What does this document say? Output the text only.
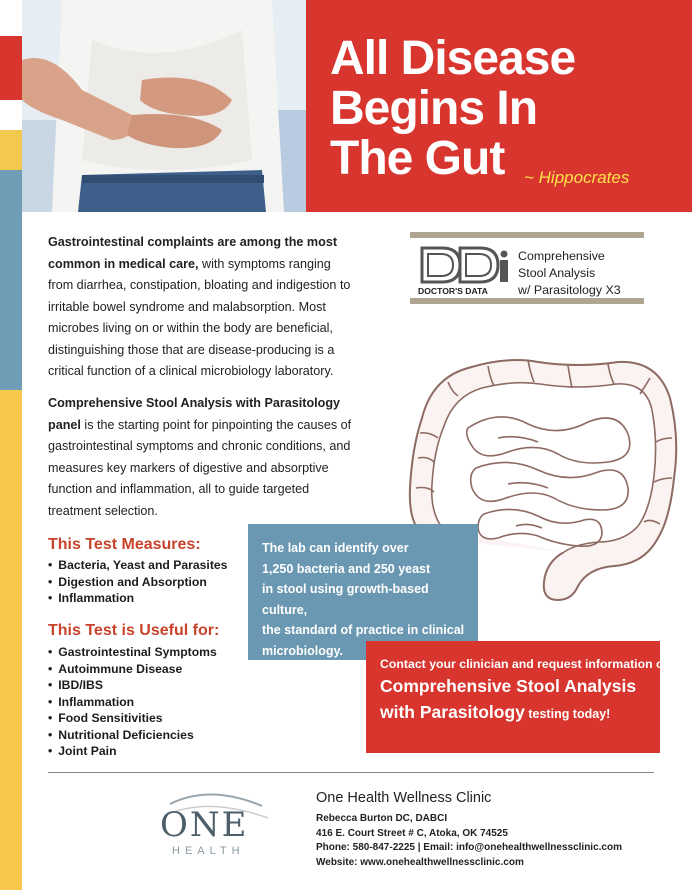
All Disease
Begins In
The Gut	~ Hippocrates

Gastrointestinal complaints are among the most common in medical care, with symptoms ranging from diarrhea, constipation, bloating and indigestion to irritable bowel syndrome and malabsorption. Most microbes living on or within the body are beneficial, distinguishing those that are disease-producing is a critical function of a clinical microbiology laboratory.

Comprehensive Stool Analysis with Parasitology panel is the starting point for pinpointing the causes of gastrointestinal symptoms and chronic conditions, and measures key markers of digestive and absorptive function and inflammation, all to guide targeted treatment selection.

DOCTOR'S DATA
Comprehensive
Stool Analysis
w/ Parasitology X3
This Test Measures:
• Bacteria, Yeast and Parasites
• Digestion and Absorption
• Inflammation
This Test is Useful for:
• Gastrointestinal Symptoms
• Autoimmune Disease
• IBD/IBS
• Inflammation
• Food Sensitivities
• Nutritional Deficiencies
• Joint Pain

The lab can identify over

1,250 bacteria and 250 yeast

in stool using growth-based culture,

the standard of practice in clinical

microbiology.

Contact your clinician and request information on
Comprehensive Stool Analysis
with Parasitology testing today!
ONE
HEALTH
One Health Wellness Clinic
Rebecca Burton DC, DABCI
416 E. Court Street # C, Atoka, OK 74525
Phone: 580-847-2225 | Email: info@onehealthwellnessclinic.com
Website: www.onehealthwellnessclinic.com
